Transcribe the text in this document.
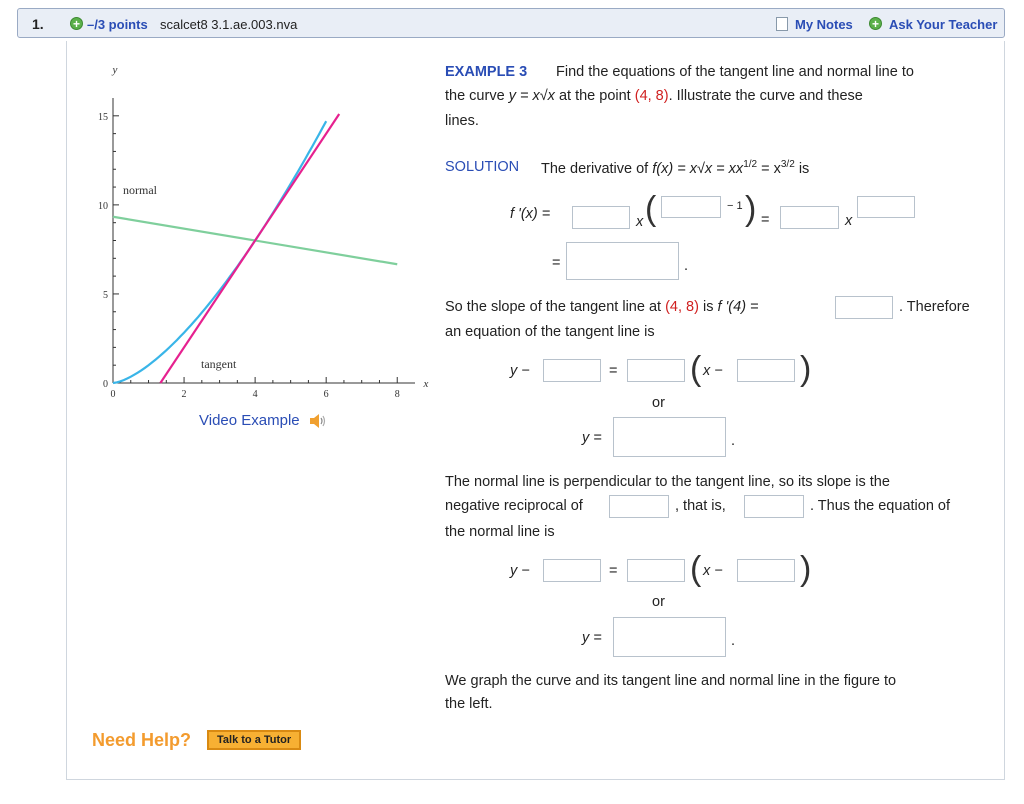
1. + –/3 points scalcet8 3.1.ae.003.nva	My Notes + Ask Your Teacher
0
5
10
15
0	2	4	6	8
y
x
normal
tangent
Video Example
EXAMPLE 3 Find the equations of the tangent line and normal line to
the curve y = x√x at the point (4, 8). Illustrate the curve and these
lines.
SOLUTION The derivative of $f(x) = x√x = xx^{1/2} = x^{3/2}$ is
f '(x) =	x (	− 1 ) =	x
=	.
So the slope of the tangent line at (4, 8) is f '(4) =	. Therefore
an equation of the tangent line is
y −	= ( x − )
or
y =	.
The normal line is perpendicular to the tangent line, so its slope is the
negative reciprocal of	, that is,	. Thus the equation of
the normal line is
y −	= ( x − )
or
y =	.
We graph the curve and its tangent line and normal line in the figure to
the left.
Need Help?	Talk to a Tutor
